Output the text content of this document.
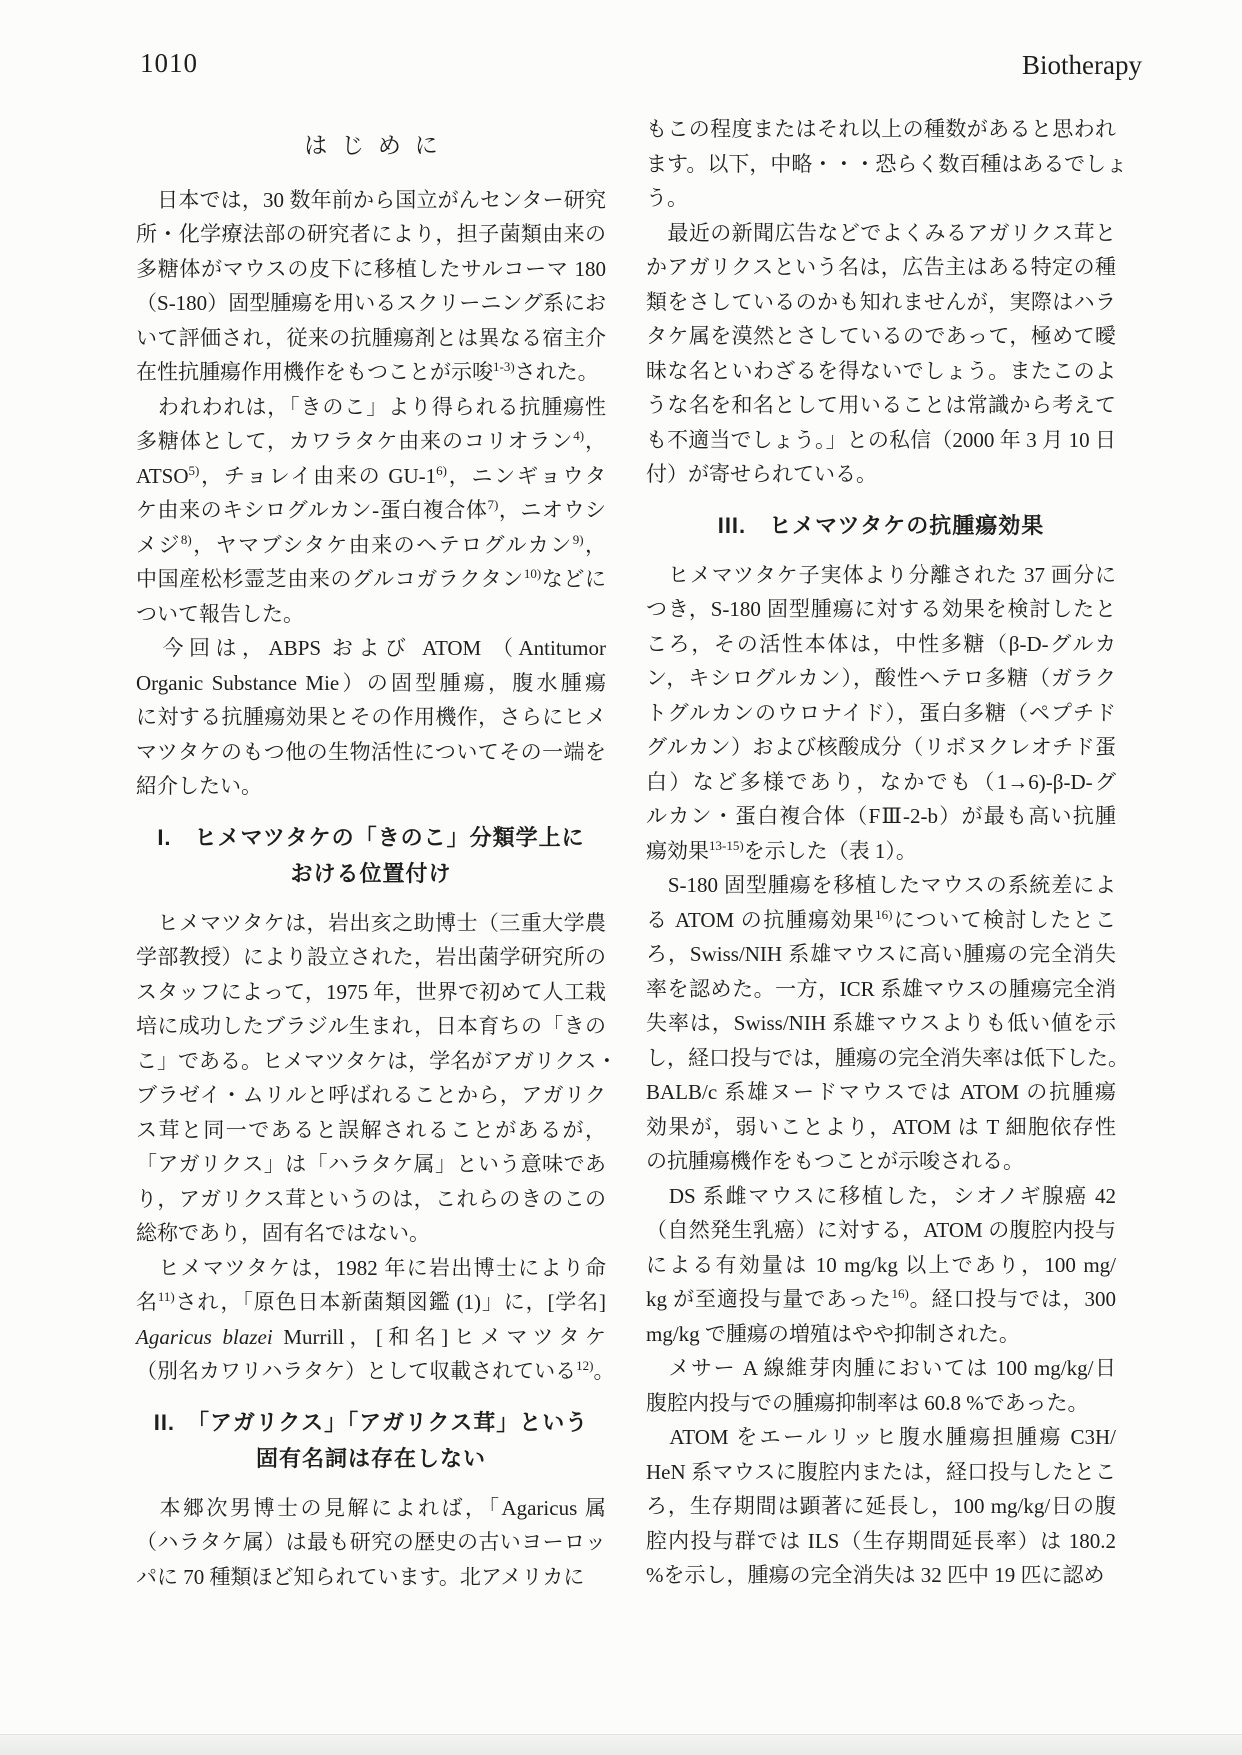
1010	Biotherapy
はじめに
　日本では，30 数年前から国立がんセンター研究
所・化学療法部の研究者により，担子菌類由来の
多糖体がマウスの皮下に移植したサルコーマ 180
（S-180）固型腫瘍を用いるスクリーニング系にお
いて評価され，従来の抗腫瘍剤とは異なる宿主介
在性抗腫瘍作用機作をもつことが示唆$^{1-3)}$された。
　われわれは，「きのこ」より得られる抗腫瘍性
多糖体として，カワラタケ由来のコリオラン$^{4)}$，
ATSO$^{5)}$，チョレイ由来の GU-1$^{6)}$，ニンギョウタ
ケ由来のキシログルカン-蛋白複合体$^{7)}$，ニオウシ
メジ$^{8)}$，ヤマブシタケ由来のヘテログルカン$^{9)}$，
中国産松杉霊芝由来のグルコガラクタン$^{10)}$などに
ついて報告した。
　今回は，ABPS および ATOM （Antitumor
Organic Substance Mie）の固型腫瘍，腹水腫瘍
に対する抗腫瘍効果とその作用機作，さらにヒメ
マツタケのもつ他の生物活性についてその一端を
紹介したい。
I.　ヒメマツタケの「きのこ」分類学上に
おける位置付け
　ヒメマツタケは，岩出亥之助博士（三重大学農
学部教授）により設立された，岩出菌学研究所の
スタッフによって，1975 年，世界で初めて人工栽
培に成功したブラジル生まれ，日本育ちの「きの
こ」である。ヒメマツタケは，学名がアガリクス・
ブラゼイ・ムリルと呼ばれることから，アガリク
ス茸と同一であると誤解されることがあるが，
「アガリクス」は「ハラタケ属」という意味であ
り，アガリクス茸というのは，これらのきのこの
総称であり，固有名ではない。
　ヒメマツタケは，1982 年に岩出博士により命
名$^{11)}$され，「原色日本新菌類図鑑 (1)」に，[学名]
Agaricus blazei Murrill，[和名]ヒメマツタケ
（別名カワリハラタケ）として収載されている$^{12)}$。
II.　「アガリクス」「アガリクス茸」という
固有名詞は存在しない
　本郷次男博士の見解によれば，「Agaricus 属
（ハラタケ属）は最も研究の歴史の古いヨーロッ
パに 70 種類ほど知られています。北アメリカに
もこの程度またはそれ以上の種数があると思われ
ます。以下，中略・・・恐らく数百種はあるでしょ
う。
　最近の新聞広告などでよくみるアガリクス茸と
かアガリクスという名は，広告主はある特定の種
類をさしているのかも知れませんが，実際はハラ
タケ属を漠然とさしているのであって，極めて曖
昧な名といわざるを得ないでしょう。またこのよ
うな名を和名として用いることは常識から考えて
も不適当でしょう。」との私信（2000 年 3 月 10 日
付）が寄せられている。
III.　ヒメマツタケの抗腫瘍効果
　ヒメマツタケ子実体より分離された 37 画分に
つき，S-180 固型腫瘍に対する効果を検討したと
ころ，その活性本体は，中性多糖（β-D-グルカ
ン，キシログルカン），酸性ヘテロ多糖（ガラク
トグルカンのウロナイド），蛋白多糖（ペプチド
グルカン）および核酸成分（リボヌクレオチド蛋
白）など多様であり，なかでも（1→6)-β-D-グ
ルカン・蛋白複合体（FⅢ-2-b）が最も高い抗腫
瘍効果$^{13-15)}$を示した（表 1）。
　S-180 固型腫瘍を移植したマウスの系統差によ
る ATOM の抗腫瘍効果$^{16)}$について検討したとこ
ろ，Swiss/NIH 系雄マウスに高い腫瘍の完全消失
率を認めた。一方，ICR 系雄マウスの腫瘍完全消
失率は，Swiss/NIH 系雄マウスよりも低い値を示
し，経口投与では，腫瘍の完全消失率は低下した。
BALB/c 系雄ヌードマウスでは ATOM の抗腫瘍
効果が，弱いことより，ATOM は T 細胞依存性
の抗腫瘍機作をもつことが示唆される。
　DS 系雌マウスに移植した，シオノギ腺癌 42
（自然発生乳癌）に対する，ATOM の腹腔内投与
による有効量は 10 mg/kg 以上であり，100 mg/
kg が至適投与量であった$^{16)}$。経口投与では，300
mg/kg で腫瘍の増殖はやや抑制された。
　メサー A 線維芽肉腫においては 100 mg/kg/日
腹腔内投与での腫瘍抑制率は 60.8 %であった。
　ATOM をエールリッヒ腹水腫瘍担腫瘍 C3H/
HeN 系マウスに腹腔内または，経口投与したとこ
ろ，生存期間は顕著に延長し，100 mg/kg/日の腹
腔内投与群では ILS（生存期間延長率）は 180.2
%を示し，腫瘍の完全消失は 32 匹中 19 匹に認め
